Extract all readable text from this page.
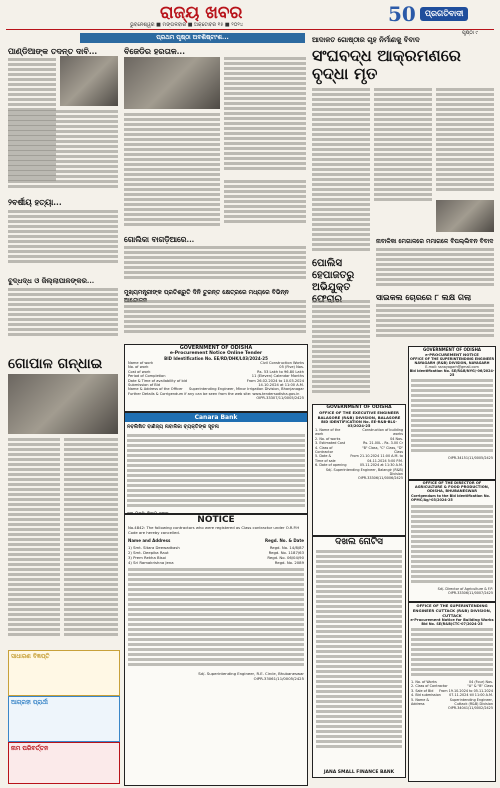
ରାଜ୍ୟ ଖବର
ଭୁବନେଶ୍ୱର ■ ମଙ୍ଗଳବାର ■ ଅକ୍ଟୋବର ୧୫ ■ ୨୦୨୪	50	ପ୍ରଗତିବାଦୀ
ପୃଷ୍ଠା ୯
ପ୍ରଥମ ପୃଷ୍ଠା ଅବଶିଷ୍ଟାଂଶ...
ପାଣ୍ଡିଆଙ୍କ ତଦନ୍ତ ଦାବି...
୨ବର୍ଷୀୟ ହତ୍ୟା...
ବୁଦ୍ଧଦ୍ଧ ଓ ଜିଲ୍ଲାପାଳଙ୍କର...
ବିଜେଡିର ହରତାଳ...
ଗୋଲିକା ବାଗଡ଼ିଆରେ...
ମୁଖ୍ୟମନ୍ତ୍ରୀଙ୍କ ପ୍ରତିଶ୍ରୁତି ଦିନି ତୁରନ୍ତ କ୍ଷେତ୍ରରେ ମଧ୍ୟରେ ବିଭିନ୍ନ
ଆଦାଳତ ଗୋଷ୍ଠୀର ଗୃହ ନିର୍ମାଣକୁ ବିବାଦ
ସଂଘବଦ୍ଧ ଆକ୍ରମଣରେ ବୃଦ୍ଧା ମୃତ
ପୋଲିସ ହେପାଜତରୁ ଅଭିଯୁକ୍ତ
ନାବାଳିକା ମେଗାଳରେ ମମାଗଳେ ବିପଲ୍ଲିବନ ବିବାଦ
ସାଇକଲ ଚୋରରେ ୮ ଲକ୍ଷ ଗଲା
ଗୋପାଳ ଗନ୍ଧାଇ
ସାଧାରଣ ବିଜ୍ଞପ୍ତି
ଆଗ୍ରହୀ ପ୍ରାର୍ଥୀ
ନାମ ପରିବର୍ତ୍ତନ
GOVERNMENT OF ODISHA
e-Procurement Notice Online Tender
BID Identification No. EE/RD/DHK/L03/2024-25
Name of work	Civil Construction Works
No. of work	05 (Five) Nos.
Cost of work	Rs. 53 Lakh to 96.80 Lakh
Period of Completion	11 (Eleven) Calendar Months
Date & Time of availability of bid	From 26.02.2024 to 10.03.2024
Submission of Bid	14.10.2024 at 11:00 A.M.
Name & Address of the Officer Superintending Engineer, Minor Irrigation Division, Bhanjanagar
Further Details & Corrigendum if any can be seen from the web site: www.tendersodisha.gov.in
OIPR-33307/11/0005/2425
Canara Bank
ନବଲିଖିତ ବାଣିଜ୍ୟ ନାବାଳିକା ବ୍ୟକ୍ତିଙ୍କ ସୂଚନା
NOTICE
No.4842: The following contractors who were registered as Class contractor under O.R.P.H Code are hereby cancelled.
Name and Address	Regd. No. & Date
1) Smt. Sitara Deewadkash	Regd. No. 14/8/87
2) Smt. Deepika Raut	Regd. No. 1187/63
3) Prem Rekha Bisoi	Regd. No. 06/04/90
4) Sri Ramakrishna Jena	Regd. No. 2089
Sd/- Superintending Engineer, R.E. Circle, Bhubaneswar
OIPR-33061/11/0005/2425
GOVERNMENT OF ODISHA
OFFICE OF THE EXECUTIVE ENGINEER BALASORE (R&B) DIVISION, BALASORE
BID IDENTIFICATION No. EE-R&B-BLS-03/2024-25
1. Name of the work
Construction of building works
2. No. of works	04 Nos.
3. Estimated Cost	Rs. 21.00L - Rs. 3.00 Cr
4. Class of Contractor
"B" Class, "C" Class, "D" Class
5. Date & Time of sale
From 21.10.2024 11:00 A.M. to 04.11.2024 5:00 P.M.
6. Date of opening	05.11.2024 at 11:30 A.M.
Sd/- Superintending Engineer, Balangir (R&B) Division
OIPR-33306/11/0006/2425
ଦଖଲ ନୋଟିସ
JANA SMALL FINANCE BANK
GOVERNMENT OF ODISHA
e-PROCUREMENT NOTICE
OFFICE OF THE SUPERINTENDING ENGINEER NAYAGARH (R&B) DIVISION, NAYAGARH
E-mail: ssnayagarh@gmail.com
Bid Identification No. SE/R&B/NYG/-06/2024-25
OIPR-34151/11/0005/2425
OFFICE OF THE DIRECTOR OF AGRICULTURE & FOOD PRODUCTION, ODISHA, BHUBANESWAR
Corrigendum to the Bid Identification No. OPMC/Ag/-03/2024-25
Sd/- Director of Agriculture & F.P.
OIPR-33306/11/0007/2425
OFFICE OF THE SUPERINTENDING ENGINEER CUTTACK (R&B) DIVISION, CUTTACK
e-Procurement Notice for Building Works
Bid No. SE(R&B)CTC-07/2024-25
1. No. of Works	04 (Four) Nos.
2. Class of Contractor	"A" & "B" Class
3. Sale of Bid From 19.10.2024 to 05.11.2024
4. Bid submission 07.11.2024 till 11:00 A.M.
5. Name & Address
Superintending Engineer, Cuttack (R&B) Division
OIPR-34041/11/0002/2425
